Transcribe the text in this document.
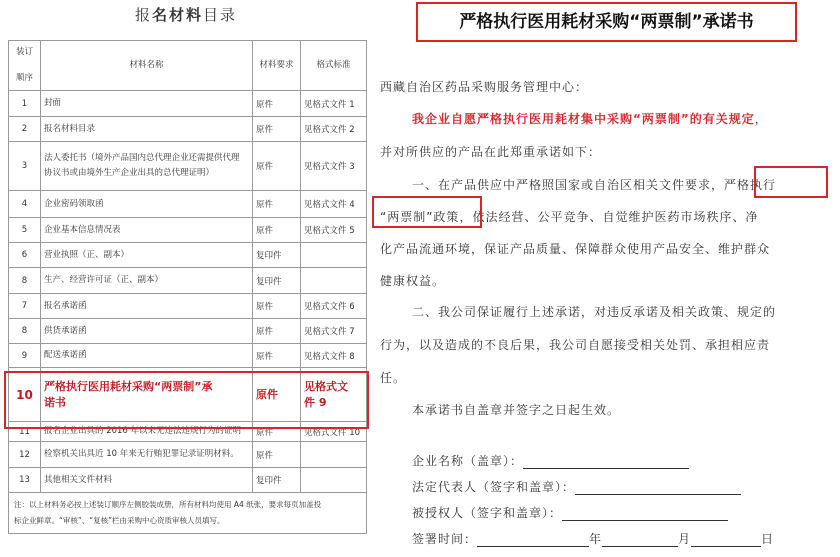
报名材料目录
装订

顺序	材料名称	材料要求	格式标准
1	封面	原件	见格式文件 1
2	报名材料目录	原件	见格式文件 2
3	法人委托书（境外产品国内总代理企业还需提供代理
协议书或由境外生产企业出具的总代理证明）	原件	见格式文件 3
4	企业密码领取函	原件	见格式文件 4
5	企业基本信息情况表	原件	见格式文件 5
6	营业执照（正、副本）	复印件	
8	生产、经营许可证（正、副本）	复印件	
7	报名承诺函	原件	见格式文件 6
8	供货承诺函	原件	见格式文件 7
9	配送承诺函	原件	见格式文件 8
10	严格执行医用耗材采购“两票制”承
诺书	原件	见格式文
件 9
11	报名企业出具的 2016 年以来无违法违规行为的证明	原件	见格式文件 10
12	检察机关出具近 10 年来无行贿犯罪记录证明材料。	原件	
13	其他相关文件材料	复印件	
注：以上材料务必按上述装订顺序左侧胶装成册，所有材料均使用 A4 纸张，要求每页加盖投
标企业鲜章。“审核”、“复核”栏由采购中心资质审核人员填写。			
严格执行医用耗材采购“两票制”承诺书
西藏自治区药品采购服务管理中心：
我企业自愿严格执行医用耗材集中采购“两票制”的有关规定，
并对所供应的产品在此郑重承诺如下：
一、在产品供应中严格照国家或自治区相关文件要求，严格执行
“两票制”政策，依法经营、公平竞争、自觉维护医药市场秩序、净
化产品流通环境，保证产品质量、保障群众使用产品安全、维护群众
健康权益。
二、我公司保证履行上述承诺，对违反承诺及相关政策、规定的
行为，以及造成的不良后果，我公司自愿接受相关处罚、承担相应责
任。
本承诺书自盖章并签字之日起生效。
企业名称（盖章）：
法定代表人（签字和盖章）：
被授权人（签字和盖章）：
签署时间：	年	月	日
